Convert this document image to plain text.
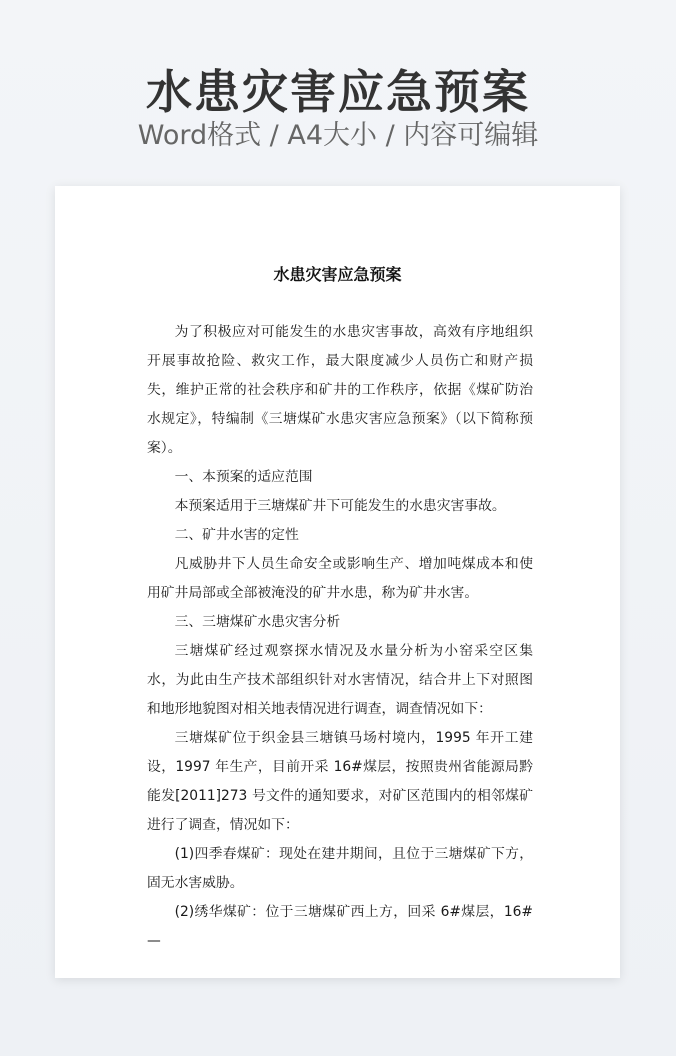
水患灾害应急预案
Word格式 / A4大小 / 内容可编辑
水患灾害应急预案

为了积极应对可能发生的水患灾害事故，高效有序地组织开展事故抢险、救灾工作，最大限度减少人员伤亡和财产损失，维护正常的社会秩序和矿井的工作秩序，依据《煤矿防治水规定》，特编制《三塘煤矿水患灾害应急预案》（以下简称预案）。

一、本预案的适应范围

本预案适用于三塘煤矿井下可能发生的水患灾害事故。

二、矿井水害的定性

凡威胁井下人员生命安全或影响生产、增加吨煤成本和使用矿井局部或全部被淹没的矿井水患，称为矿井水害。

三、三塘煤矿水患灾害分析

三塘煤矿经过观察探水情况及水量分析为小窑采空区集水，为此由生产技术部组织针对水害情况，结合井上下对照图和地形地貌图对相关地表情况进行调查，调查情况如下：

三塘煤矿位于织金县三塘镇马场村境内，1995 年开工建设，1997 年生产，目前开采 16#煤层，按照贵州省能源局黔能发[2011]273 号文件的通知要求，对矿区范围内的相邻煤矿进行了调查，情况如下：

(1)四季春煤矿：现处在建井期间，且位于三塘煤矿下方，固无水害威胁。

(2)绣华煤矿：位于三塘煤矿西上方，回采 6#煤层，16#—
